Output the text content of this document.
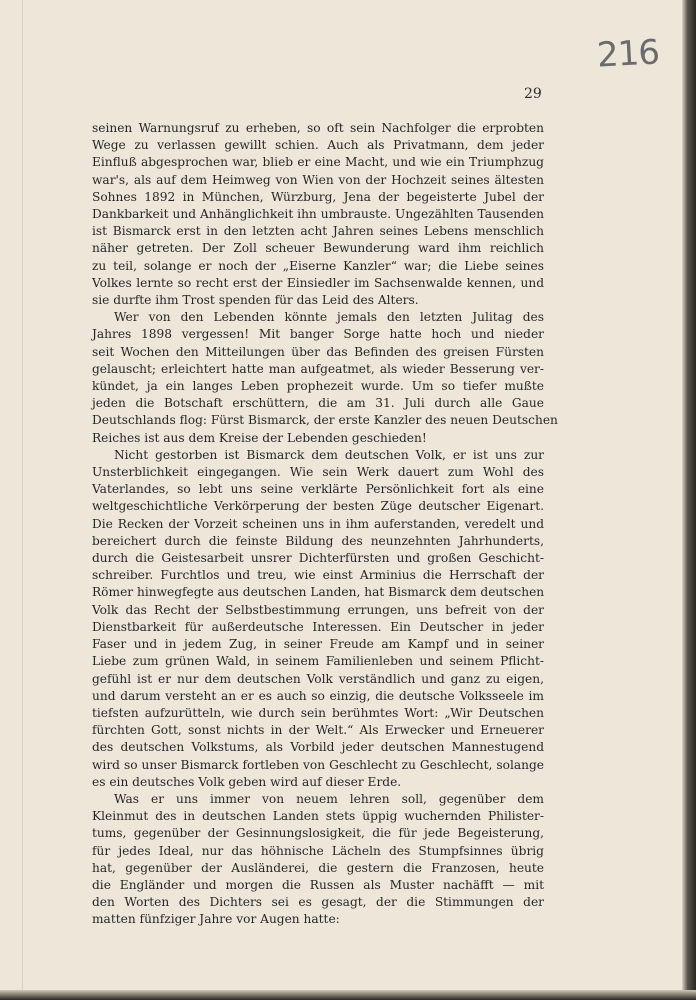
216
29

seinen Warnungsruf zu erheben, so oft sein Nachfolger die erprobten
Wege zu verlassen gewillt schien. Auch als Privatmann, dem jeder
Einfluß abgesprochen war, blieb er eine Macht, und wie ein Triumphzug
war's, als auf dem Heimweg von Wien von der Hochzeit seines ältesten
Sohnes 1892 in München, Würzburg, Jena der begeisterte Jubel der
Dankbarkeit und Anhänglichkeit ihn umbrauste. Ungezählten Tausenden
ist Bismarck erst in den letzten acht Jahren seines Lebens menschlich
näher getreten. Der Zoll scheuer Bewunderung ward ihm reichlich
zu teil, solange er noch der „Eiserne Kanzler“ war; die Liebe seines
Volkes lernte so recht erst der Einsiedler im Sachsenwalde kennen, und
sie durfte ihm Trost spenden für das Leid des Alters.

Wer von den Lebenden könnte jemals den letzten Julitag des
Jahres 1898 vergessen! Mit banger Sorge hatte hoch und nieder
seit Wochen den Mitteilungen über das Befinden des greisen Fürsten
gelauscht; erleichtert hatte man aufgeatmet, als wieder Besserung ver-
kündet, ja ein langes Leben prophezeit wurde. Um so tiefer mußte
jeden die Botschaft erschüttern, die am 31. Juli durch alle Gaue
Deutschlands flog: Fürst Bismarck, der erste Kanzler des neuen Deutschen
Reiches ist aus dem Kreise der Lebenden geschieden!

Nicht gestorben ist Bismarck dem deutschen Volk, er ist uns zur
Unsterblichkeit eingegangen. Wie sein Werk dauert zum Wohl des
Vaterlandes, so lebt uns seine verklärte Persönlichkeit fort als eine
weltgeschichtliche Verkörperung der besten Züge deutscher Eigenart.
Die Recken der Vorzeit scheinen uns in ihm auferstanden, veredelt und
bereichert durch die feinste Bildung des neunzehnten Jahrhunderts,
durch die Geistesarbeit unsrer Dichterfürsten und großen Geschicht-
schreiber. Furchtlos und treu, wie einst Arminius die Herrschaft der
Römer hinwegfegte aus deutschen Landen, hat Bismarck dem deutschen
Volk das Recht der Selbstbestimmung errungen, uns befreit von der
Dienstbarkeit für außerdeutsche Interessen. Ein Deutscher in jeder
Faser und in jedem Zug, in seiner Freude am Kampf und in seiner
Liebe zum grünen Wald, in seinem Familienleben und seinem Pflicht-
gefühl ist er nur dem deutschen Volk verständlich und ganz zu eigen,
und darum versteht an er es auch so einzig, die deutsche Volksseele im
tiefsten aufzurütteln, wie durch sein berühmtes Wort: „Wir Deutschen
fürchten Gott, sonst nichts in der Welt.“ Als Erwecker und Erneuerer
des deutschen Volkstums, als Vorbild jeder deutschen Mannestugend
wird so unser Bismarck fortleben von Geschlecht zu Geschlecht, solange
es ein deutsches Volk geben wird auf dieser Erde.

Was er uns immer von neuem lehren soll, gegenüber dem
Kleinmut des in deutschen Landen stets üppig wuchernden Philister-
tums, gegenüber der Gesinnungslosigkeit, die für jede Begeisterung,
für jedes Ideal, nur das höhnische Lächeln des Stumpfsinnes übrig
hat, gegenüber der Ausländerei, die gestern die Franzosen, heute
die Engländer und morgen die Russen als Muster nachäfft — mit
den Worten des Dichters sei es gesagt, der die Stimmungen der
matten fünfziger Jahre vor Augen hatte:
